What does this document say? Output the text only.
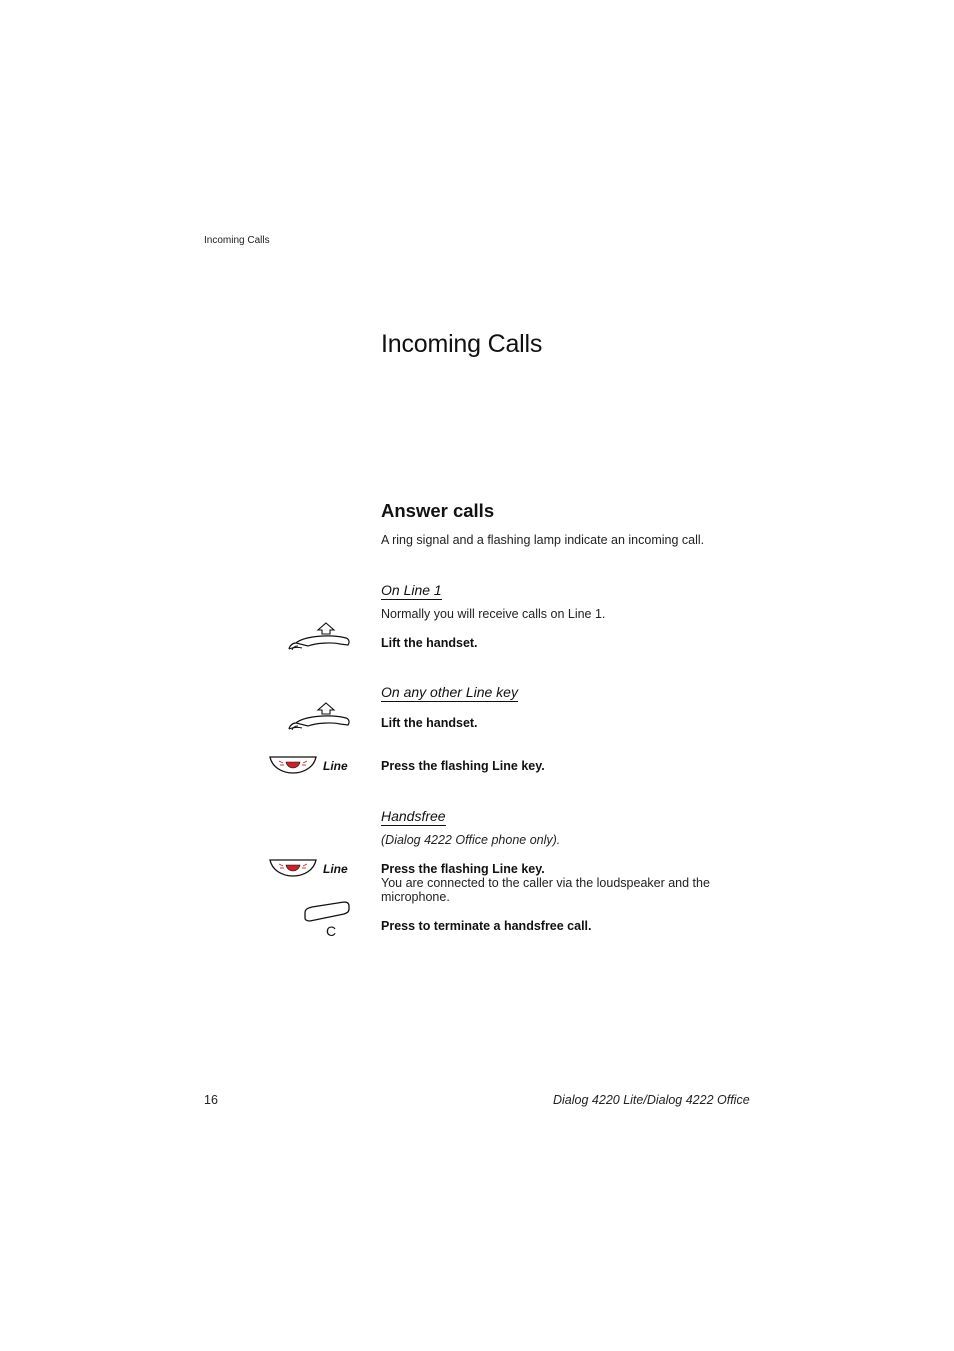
Incoming Calls
Incoming Calls
Answer calls
A ring signal and a flashing lamp indicate an incoming call.
On Line 1
Normally you will receive calls on Line 1.
Lift the handset.
On any other Line key
Lift the handset.
Line	Press the flashing Line key.
Handsfree
(Dialog 4222 Office phone only).
Line	Press the flashing Line key.
You are connected to the caller via the loudspeaker and the microphone.
C	Press to terminate a handsfree call.
16	Dialog 4220 Lite/Dialog 4222 Office
